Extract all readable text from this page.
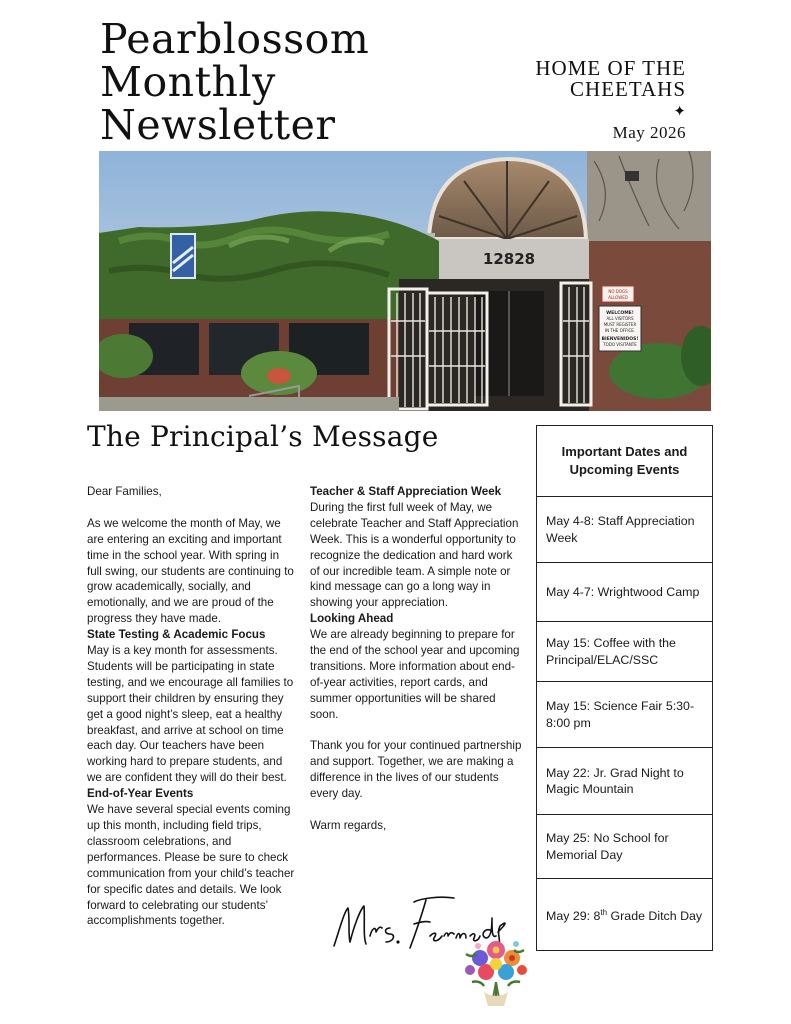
Pearblossom
Monthly
Newsletter
HOME OF THE
CHEETAHS
✦
May 2026
12828
NO DOGS
ALLOWED
WELCOME!
ALL VISITORS
MUST REGISTER
IN THE OFFICE.
BIENVENIDOS!
TODO VISITANTE
The Principal’s Message

Dear Families,

As we welcome the month of May, we are entering an exciting and important time in the school year. With spring in full swing, our students are continuing to grow academically, socially, and emotionally, and we are proud of the progress they have made.

State Testing & Academic Focus

May is a key month for assessments. Students will be participating in state testing, and we encourage all families to support their children by ensuring they get a good night’s sleep, eat a healthy breakfast, and arrive at school on time each day. Our teachers have been working hard to prepare students, and we are confident they will do their best.

End-of-Year Events

We have several special events coming up this month, including field trips, classroom celebrations, and performances. Please be sure to check communication from your child’s teacher for specific dates and details. We look forward to celebrating our students’ accomplishments together.

Teacher & Staff Appreciation Week

During the first full week of May, we celebrate Teacher and Staff Appreciation Week. This is a wonderful opportunity to recognize the dedication and hard work of our incredible team. A simple note or kind message can go a long way in showing your appreciation.

Looking Ahead

We are already beginning to prepare for the end of the school year and upcoming transitions. More information about end-of-year activities, report cards, and summer opportunities will be shared soon.

Thank you for your continued partnership and support. Together, we are making a difference in the lives of our students every day.

Warm regards,

Important Dates and Upcoming Events
May 4-8: Staff Appreciation Week
May 4-7: Wrightwood Camp
May 15: Coffee with the Principal/ELAC/SSC
May 15: Science Fair 5:30-8:00 pm
May 22: Jr. Grad Night to Magic Mountain
May 25: No School for Memorial Day
May 29: 8th Grade Ditch Day
